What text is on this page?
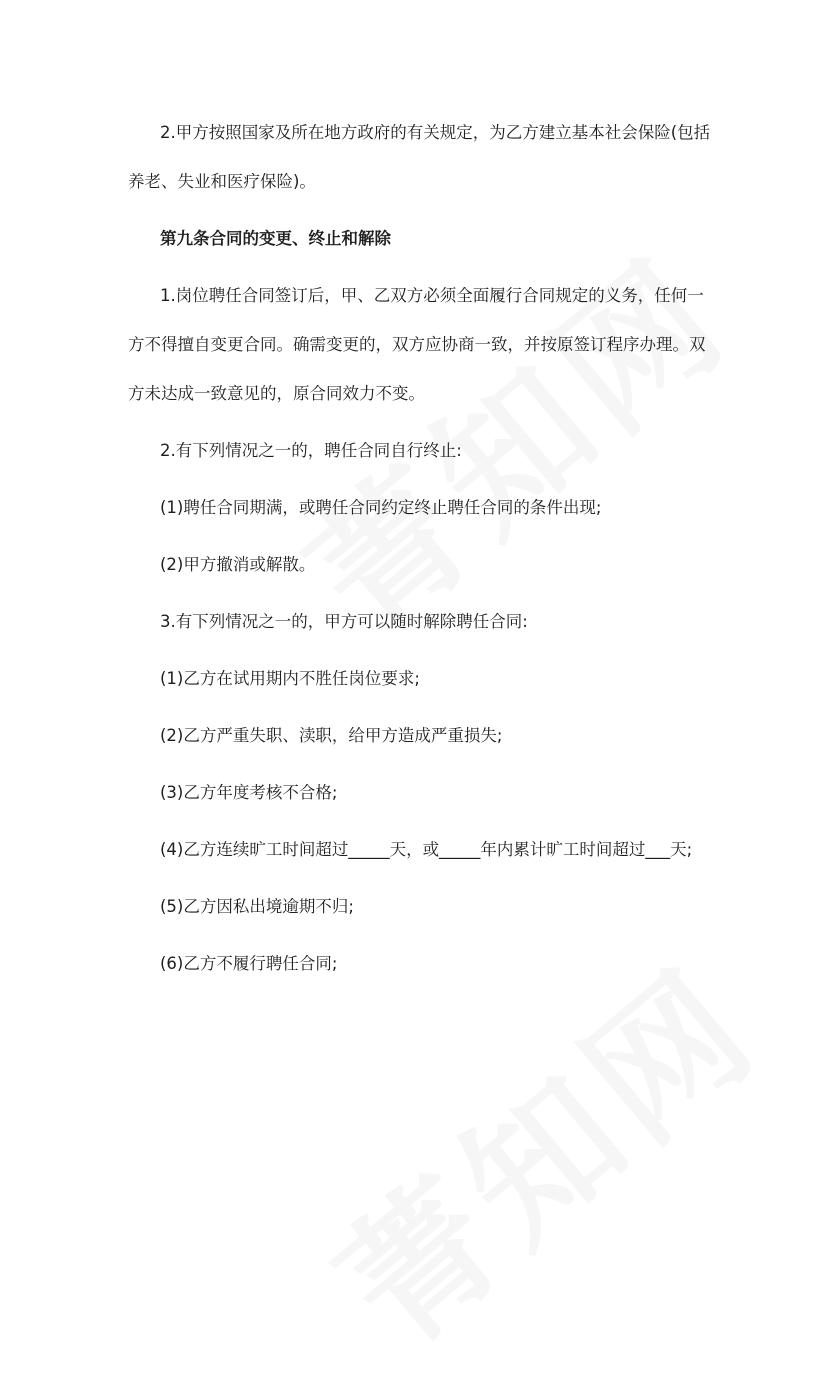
2.甲方按照国家及所在地方政府的有关规定，为乙方建立基本社会保险(包括养老、失业和医疗保险)。

第九条合同的变更、终止和解除

1.岗位聘任合同签订后，甲、乙双方必须全面履行合同规定的义务，任何一方不得擅自变更合同。确需变更的，双方应协商一致，并按原签订程序办理。双方未达成一致意见的，原合同效力不变。

2.有下列情况之一的，聘任合同自行终止:

(1)聘任合同期满，或聘任合同约定终止聘任合同的条件出现;

(2)甲方撤消或解散。

3.有下列情况之一的，甲方可以随时解除聘任合同:

(1)乙方在试用期内不胜任岗位要求;

(2)乙方严重失职、渎职，给甲方造成严重损失;

(3)乙方年度考核不合格;

(4)乙方连续旷工时间超过_____天，或_____年内累计旷工时间超过___天;

(5)乙方因私出境逾期不归;

(6)乙方不履行聘任合同;
